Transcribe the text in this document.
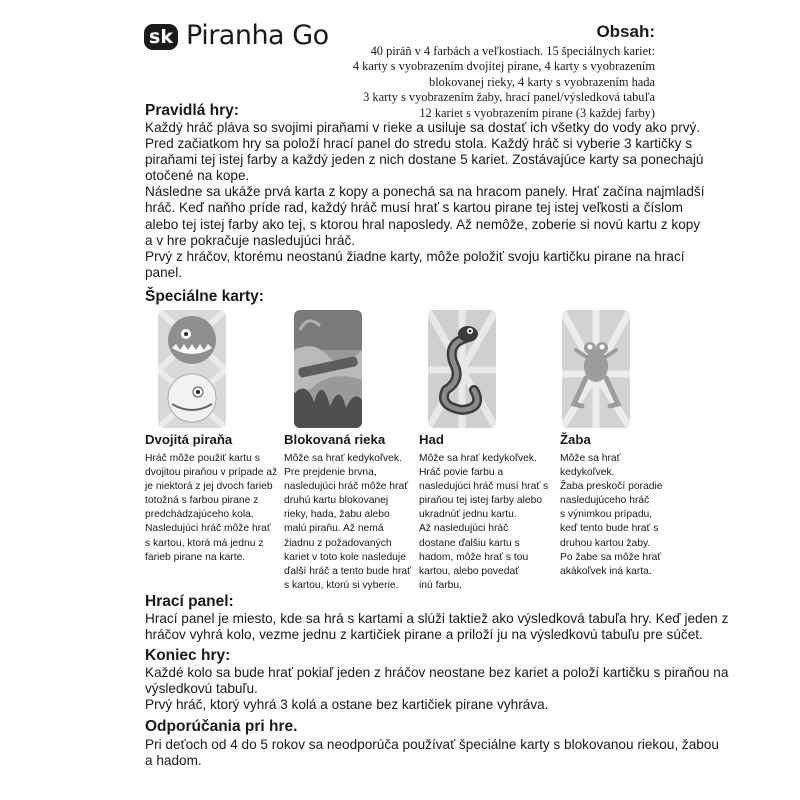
sk Piranha Go	Obsah:
40 piráň v 4 farbách a veľkostiach. 15 špeciálnych kariet:
4 karty s vyobrazením dvojitej pirane, 4 karty s vyobrazením
blokovanej rieky, 4 karty s vyobrazením hada
3 karty s vyobrazením žaby, hrací panel/výsledková tabuľa
12 kariet s vyobrazením pirane (3 každej farby)
Pravidlá hry:
Každý hráč pláva so svojimi piraňami v rieke a usiluje sa dostať ich všetky do vody ako prvý.
Pred začiatkom hry sa položí hrací panel do stredu stola. Každý hráč si vyberie 3 kartičky s
piraňami tej istej farby a každý jeden z nich dostane 5 kariet. Zostávajúce karty sa ponechajú
otočené na kope.
Následne sa ukáže prvá karta z kopy a ponechá sa na hracom panely. Hrať začína najmladší
hráč. Keď naňho príde rad, každý hráč musí hrať s kartou pirane tej istej veľkosti a číslom
alebo tej istej farby ako tej, s ktorou hral naposledy. Až nemôže, zoberie si novú kartu z kopy
a v hre pokračuje nasledujúci hráč.
Prvý z hráčov, ktorému neostanú žiadne karty, môže položiť svoju kartičku pirane na hrací
panel.
Špeciálne karty:
Dvojitá piraňa	Blokovaná rieka	Had	Žaba
Hráč môže použiť kartu s
dvojitou piraňou v prípade až
je niektorá z jej dvoch farieb
totožná s farbou pirane z
predchádzajúceho kola.
Nasledujúci hráč môže hrať
s kartou, ktorá má jednu z
farieb pirane na karte.
Môže sa hrať kedykoľvek.
Pre prejdenie brvna,
nasledujúci hráč môže hrať
druhú kartu blokovanej
rieky, hada, žabu alebo
malú piraňu. Až nemá
žiadnu z požadovaných
kariet v toto kole nasleduje
ďalší hráč a tento bude hrať
s kartou, ktorú si vyberie.
Môže sa hrať kedykoľvek.
Hráč povie farbu a
nasledujúci hráč musí hrať s
piraňou tej istej farby alebo
ukradnúť jednu kartu.
Až nasledujúci hráč
dostane ďalšiu kartu s
hadom, môže hrať s tou
kartou, alebo povedať
inú farbu.
Môže sa hrať
kedykoľvek.
Žaba preskočí poradie
nasledujúceho hráč
s výnimkou prípadu,
keď tento bude hrať s
druhou kartou žaby.
Po žabe sa môže hrať
akákoľvek iná karta.
Hrací panel:
Hrací panel je miesto, kde sa hrá s kartami a slúži taktiež ako výsledková tabuľa hry. Keď jeden z
hráčov vyhrá kolo, vezme jednu z kartičiek pirane a priloží ju na výsledkovú tabuľu pre súčet.
Koniec hry:
Každé kolo sa bude hrať pokiaľ jeden z hráčov neostane bez kariet a položí kartičku s piraňou na
výsledkovú tabuľu.
Prvý hráč, ktorý vyhrá 3 kolá a ostane bez kartičiek pirane vyhráva.
Odporúčania pri hre.
Pri deťoch od 4 do 5 rokov sa neodporúča používať špeciálne karty s blokovanou riekou, žabou
a hadom.
